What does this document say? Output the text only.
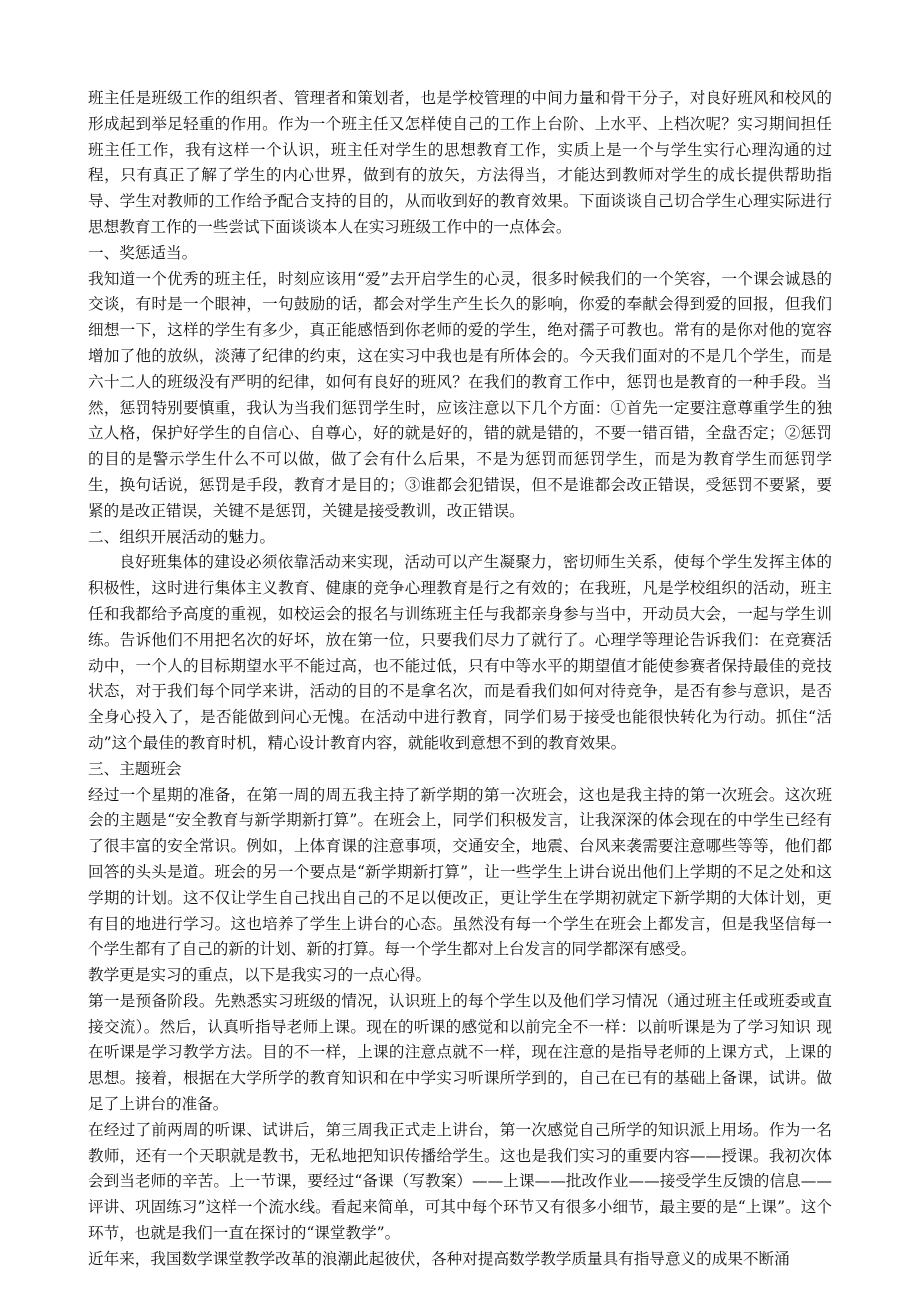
班主任是班级工作的组织者、管理者和策划者，也是学校管理的中间力量和骨干分子，对良好班风和校风的形成起到举足轻重的作用。作为一个班主任又怎样使自己的工作上台阶、上水平、上档次呢？实习期间担任班主任工作，我有这样一个认识，班主任对学生的思想教育工作，实质上是一个与学生实行心理沟通的过程，只有真正了解了学生的内心世界，做到有的放矢，方法得当，才能达到教师对学生的成长提供帮助指导、学生对教师的工作给予配合支持的目的，从而收到好的教育效果。下面谈谈自己切合学生心理实际进行思想教育工作的一些尝试下面谈谈本人在实习班级工作中的一点体会。

一、奖惩适当。

我知道一个优秀的班主任，时刻应该用“爱”去开启学生的心灵，很多时候我们的一个笑容，一个课会诚恳的交谈，有时是一个眼神，一句鼓励的话，都会对学生产生长久的影响，你爱的奉献会得到爱的回报，但我们细想一下，这样的学生有多少，真正能感悟到你老师的爱的学生，绝对孺子可教也。常有的是你对他的宽容增加了他的放纵，淡薄了纪律的约束，这在实习中我也是有所体会的。今天我们面对的不是几个学生，而是六十二人的班级没有严明的纪律，如何有良好的班风？在我们的教育工作中，惩罚也是教育的一种手段。当然，惩罚特别要慎重，我认为当我们惩罚学生时，应该注意以下几个方面：①首先一定要注意尊重学生的独立人格，保护好学生的自信心、自尊心，好的就是好的，错的就是错的，不要一错百错，全盘否定；②惩罚的目的是警示学生什么不可以做，做了会有什么后果，不是为惩罚而惩罚学生，而是为教育学生而惩罚学生，换句话说，惩罚是手段，教育才是目的；③谁都会犯错误，但不是谁都会改正错误，受惩罚不要紧，要紧的是改正错误，关键不是惩罚，关键是接受教训，改正错误。

二、组织开展活动的魅力。

良好班集体的建设必须依靠活动来实现，活动可以产生凝聚力，密切师生关系，使每个学生发挥主体的积极性，这时进行集体主义教育、健康的竞争心理教育是行之有效的；在我班，凡是学校组织的活动，班主任和我都给予高度的重视，如校运会的报名与训练班主任与我都亲身参与当中，开动员大会，一起与学生训练。告诉他们不用把名次的好坏，放在第一位，只要我们尽力了就行了。心理学等理论告诉我们：在竞赛活动中，一个人的目标期望水平不能过高，也不能过低，只有中等水平的期望值才能使参赛者保持最佳的竞技状态，对于我们每个同学来讲，活动的目的不是拿名次，而是看我们如何对待竞争，是否有参与意识，是否全身心投入了，是否能做到问心无愧。在活动中进行教育，同学们易于接受也能很快转化为行动。抓住“活动”这个最佳的教育时机，精心设计教育内容，就能收到意想不到的教育效果。

三、主题班会

经过一个星期的准备，在第一周的周五我主持了新学期的第一次班会，这也是我主持的第一次班会。这次班会的主题是“安全教育与新学期新打算”。在班会上，同学们积极发言，让我深深的体会现在的中学生已经有了很丰富的安全常识。例如，上体育课的注意事项，交通安全，地震、台风来袭需要注意哪些等等，他们都回答的头头是道。班会的另一个要点是“新学期新打算”，让一些学生上讲台说出他们上学期的不足之处和这学期的计划。这不仅让学生自己找出自己的不足以便改正，更让学生在学期初就定下新学期的大体计划，更有目的地进行学习。这也培养了学生上讲台的心态。虽然没有每一个学生在班会上都发言，但是我坚信每一个学生都有了自己的新的计划、新的打算。每一个学生都对上台发言的同学都深有感受。

教学更是实习的重点，以下是我实习的一点心得。

第一是预备阶段。先熟悉实习班级的情况，认识班上的每个学生以及他们学习情况（通过班主任或班委或直接交流）。然后，认真听指导老师上课。现在的听课的感觉和以前完全不一样：以前听课是为了学习知识 现在听课是学习教学方法。目的不一样，上课的注意点就不一样，现在注意的是指导老师的上课方式，上课的思想。接着，根据在大学所学的教育知识和在中学实习听课所学到的，自己在已有的基础上备课，试讲。做足了上讲台的准备。

在经过了前两周的听课、试讲后，第三周我正式走上讲台，第一次感觉自己所学的知识派上用场。作为一名教师，还有一个天职就是教书，无私地把知识传播给学生。这也是我们实习的重要内容——授课。我初次体会到当老师的辛苦。上一节课，要经过“备课（写教案）——上课——批改作业——接受学生反馈的信息——评讲、巩固练习”这样一个流水线。看起来简单，可其中每个环节又有很多小细节，最主要的是“上课”。这个环节，也就是我们一直在探讨的“课堂教学”。

近年来，我国数学课堂教学改革的浪潮此起彼伏，各种对提高数学教学质量具有指导意义的成果不断涌
